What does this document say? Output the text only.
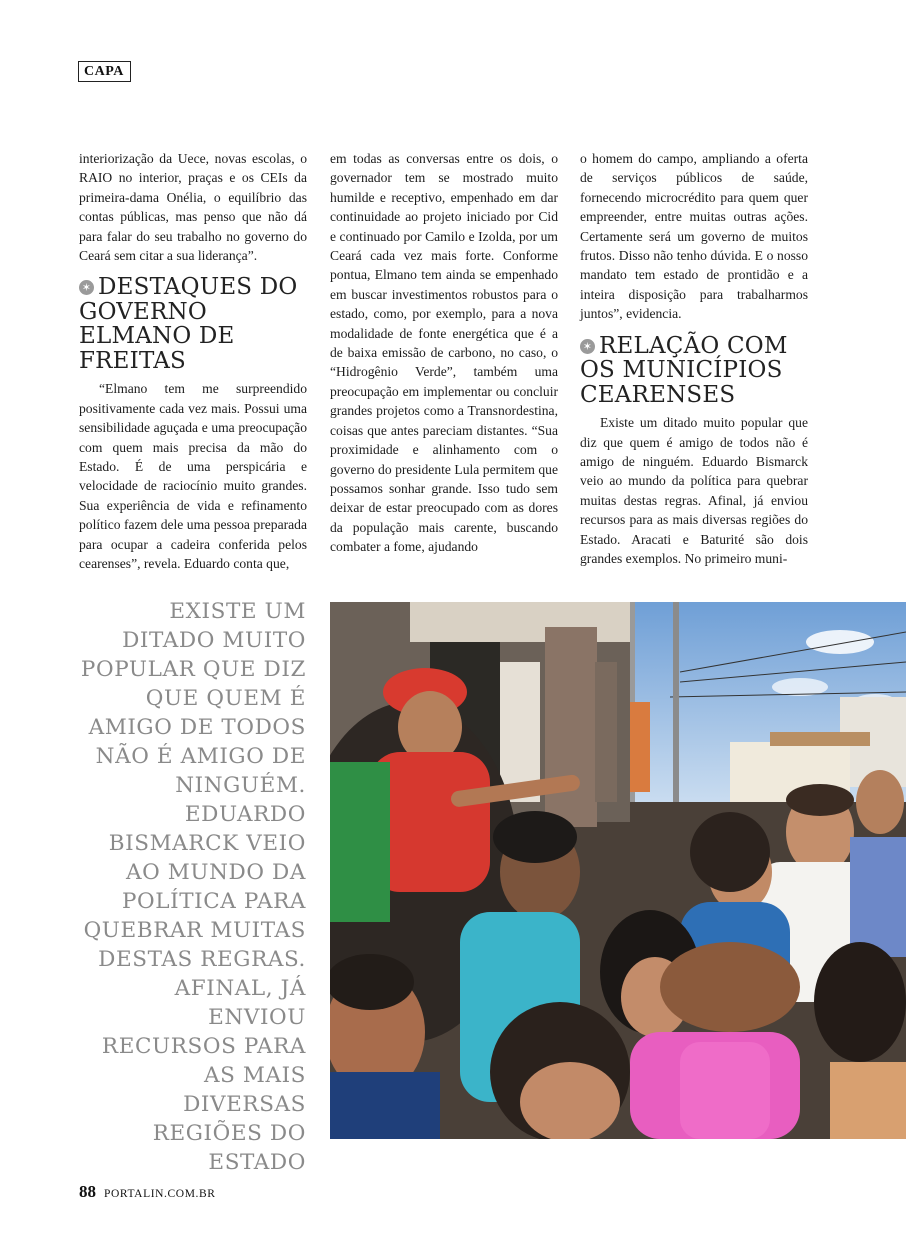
CAPA

interiorização da Uece, novas escolas, o RAIO no interior, praças e os CEIs da primeira-dama Onélia, o equilíbrio das contas públicas, mas penso que não dá para falar do seu trabalho no governo do Ceará sem citar a sua liderança”.

✶ DESTAQUES DO GOVERNO ELMANO DE FREITAS

“Elmano tem me surpreendido positivamente cada vez mais. Possui uma sensibilidade aguçada e uma preocupação com quem mais precisa da mão do Estado. É de uma perspicária e velocidade de raciocínio muito grandes. Sua experiência de vida e refinamento político fazem dele uma pessoa preparada para ocupar a cadeira conferida pelos cearenses”, revela. Eduardo conta que,

em todas as conversas entre os dois, o governador tem se mostrado muito humilde e receptivo, empenhado em dar continuidade ao projeto iniciado por Cid e continuado por Camilo e Izolda, por um Ceará cada vez mais forte. Conforme pontua, Elmano tem ainda se empenhado em buscar investimentos robustos para o estado, como, por exemplo, para a nova modalidade de fonte energética que é a de baixa emissão de carbono, no caso, o “Hidrogênio Verde”, também uma preocupação em implementar ou concluir grandes projetos como a Transnordestina, coisas que antes pareciam distantes. “Sua proximidade e alinhamento com o governo do presidente Lula permitem que possamos sonhar grande. Isso tudo sem deixar de estar preocupado com as dores da população mais carente, buscando combater a fome, ajudando

o homem do campo, ampliando a oferta de serviços públicos de saúde, fornecendo microcrédito para quem quer empreender, entre muitas outras ações. Certamente será um governo de muitos frutos. Disso não tenho dúvida. E o nosso mandato tem estado de prontidão e a inteira disposição para trabalharmos juntos”, evidencia.

✶ RELAÇÃO COM OS MUNICÍPIOS CEARENSES

Existe um ditado muito popular que diz que quem é amigo de todos não é amigo de ninguém. Eduardo Bismarck veio ao mundo da política para quebrar muitas destas regras. Afinal, já enviou recursos para as mais diversas regiões do Estado. Aracati e Baturité são dois grandes exemplos. No primeiro muni-

EXISTE UM DITADO MUITO POPULAR QUE DIZ QUE QUEM É AMIGO DE TODOS NÃO É AMIGO DE NINGUÉM. EDUARDO BISMARCK VEIO AO MUNDO DA POLÍTICA PARA QUEBRAR MUITAS DESTAS REGRAS. AFINAL, JÁ ENVIOU RECURSOS PARA AS MAIS DIVERSAS REGIÕES DO ESTADO
88 PORTALIN.COM.BR
